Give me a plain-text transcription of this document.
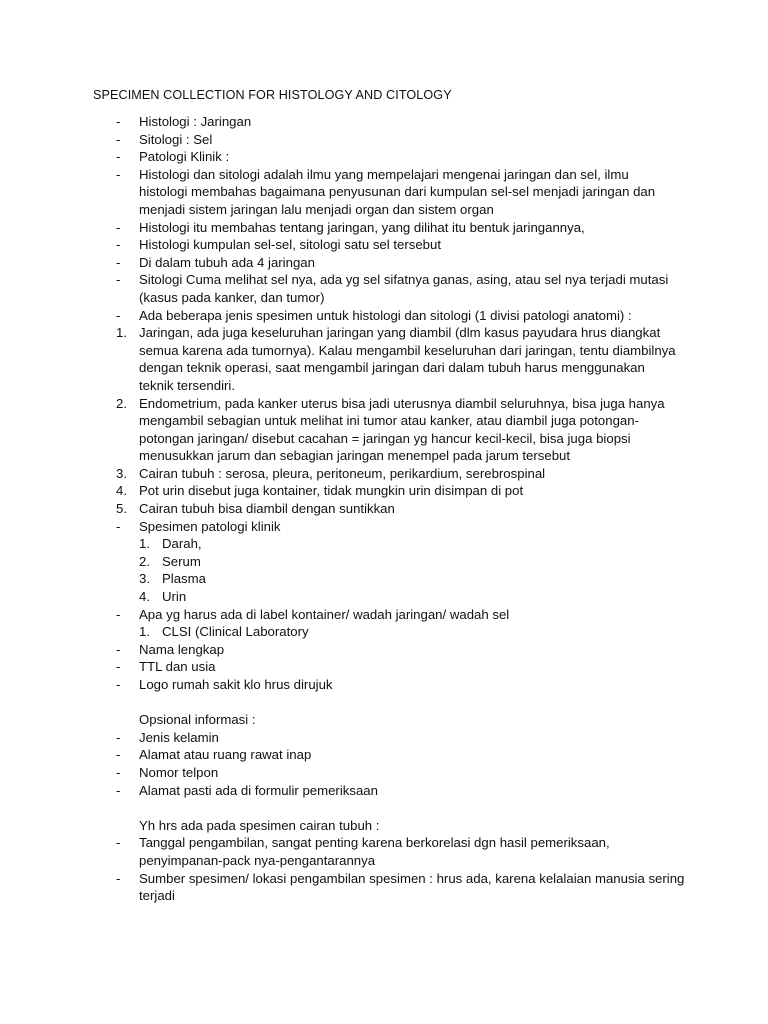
SPECIMEN COLLECTION FOR HISTOLOGY AND CITOLOGY
- Histologi : Jaringan
- Sitologi : Sel
- Patologi Klinik :
- Histologi dan sitologi adalah ilmu yang mempelajari mengenai jaringan dan sel, ilmu
histologi membahas bagaimana penyusunan dari kumpulan sel-sel menjadi jaringan dan
menjadi sistem jaringan lalu menjadi organ dan sistem organ
- Histologi itu membahas tentang jaringan, yang dilihat itu bentuk jaringannya,
- Histologi kumpulan sel-sel, sitologi satu sel tersebut
- Di dalam tubuh ada 4 jaringan
- Sitologi Cuma melihat sel nya, ada yg sel sifatnya ganas, asing, atau sel nya terjadi mutasi
(kasus pada kanker, dan tumor)
- Ada beberapa jenis spesimen untuk histologi dan sitologi (1 divisi patologi anatomi) :
1. Jaringan, ada juga keseluruhan jaringan yang diambil (dlm kasus payudara hrus diangkat
semua karena ada tumornya). Kalau mengambil keseluruhan dari jaringan, tentu diambilnya
dengan teknik operasi, saat mengambil jaringan dari dalam tubuh harus menggunakan
teknik tersendiri.
2. Endometrium, pada kanker uterus bisa jadi uterusnya diambil seluruhnya, bisa juga hanya
mengambil sebagian untuk melihat ini tumor atau kanker, atau diambil juga potongan-
potongan jaringan/ disebut cacahan = jaringan yg hancur kecil-kecil, bisa juga biopsi
menusukkan jarum dan sebagian jaringan menempel pada jarum tersebut
3. Cairan tubuh : serosa, pleura, peritoneum, perikardium, serebrospinal
4. Pot urin disebut juga kontainer, tidak mungkin urin disimpan di pot
5. Cairan tubuh bisa diambil dengan suntikkan
- Spesimen patologi klinik
1. Darah,
2. Serum
3. Plasma
4. Urin
- Apa yg harus ada di label kontainer/ wadah jaringan/ wadah sel
1. CLSI (Clinical Laboratory
- Nama lengkap
- TTL dan usia
- Logo rumah sakit klo hrus dirujuk
Opsional informasi :
- Jenis kelamin
- Alamat atau ruang rawat inap
- Nomor telpon
- Alamat pasti ada di formulir pemeriksaan
Yh hrs ada pada spesimen cairan tubuh :
- Tanggal pengambilan, sangat penting karena berkorelasi dgn hasil pemeriksaan,
penyimpanan-pack nya-pengantarannya
- Sumber spesimen/ lokasi pengambilan spesimen : hrus ada, karena kelalaian manusia sering
terjadi
